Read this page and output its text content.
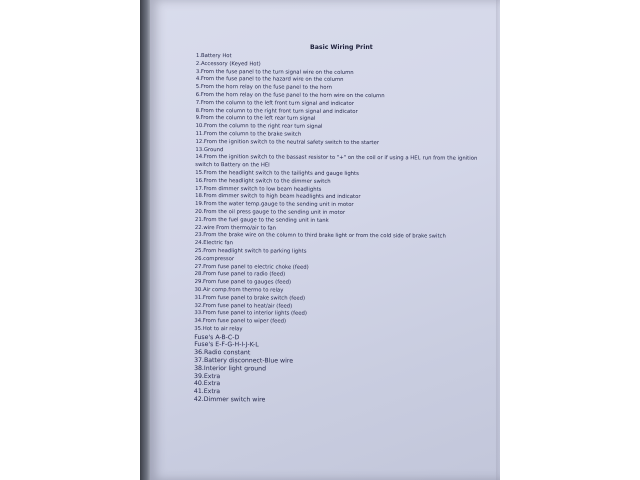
Basic Wiring Print
1.Battery Hot
2.Accessory (Keyed Hot)
3.From the fuse panel to the turn signal wire on the column
4.From the fuse panel to the hazard wire on the column
5.From the horn relay on the fuse panel to the horn
6.From the horn relay on the fuse panel to the horn wire on the column
7.From the column to the left front turn signal and indicator
8.From the column to the right front turn signal and indicator
9.From the column to the left rear turn signal
10.From the column to the right rear turn signal
11.From the column to the brake switch
12.From the ignition switch to the neutral safety switch to the starter
13.Ground
14.From the ignition switch to the bassast resistor to "+" on the coil or if using a HEI, run from the ignition switch to Battery on the HEI
15.From the headlight switch to the tailights and gauge lights
16.From the headlight switch to the dimmer switch
17.From dimmer switch to low beam headlights
18.From dimmer switch to high beam headlights and indicator
19.From the water temp.gauge to the sending unit in motor
20.From the oil press gauge to the sending unit in motor
21.From the fuel gauge to the sending unit in tank
22.wire From thermo/air to fan
23.From the brake wire on the column to third brake light or from the cold side of brake switch
24.Electric fan
25.From headlight switch to parking lights
26.compressor
27.From fuse panel to electric choke (feed)
28.From fuse panel to radio (feed)
29.From fuse panel to gauges (feed)
30.Air comp.from thermo to relay
31.From fuse panel to brake switch (feed)
32.From fuse panel to heat/air (feed)
33.From fuse panel to interior lights (feed)
34.From fuse panel to wiper (feed)
35.Hot to air relay
Fuse's A-B-C-D
Fuse's E-F-G-H-I-J-K-L
36.Radio constant
37.Battery disconnect-Blue wire
38.Interior light ground
39.Extra
40.Extra
41.Extra
42.Dimmer switch wire
